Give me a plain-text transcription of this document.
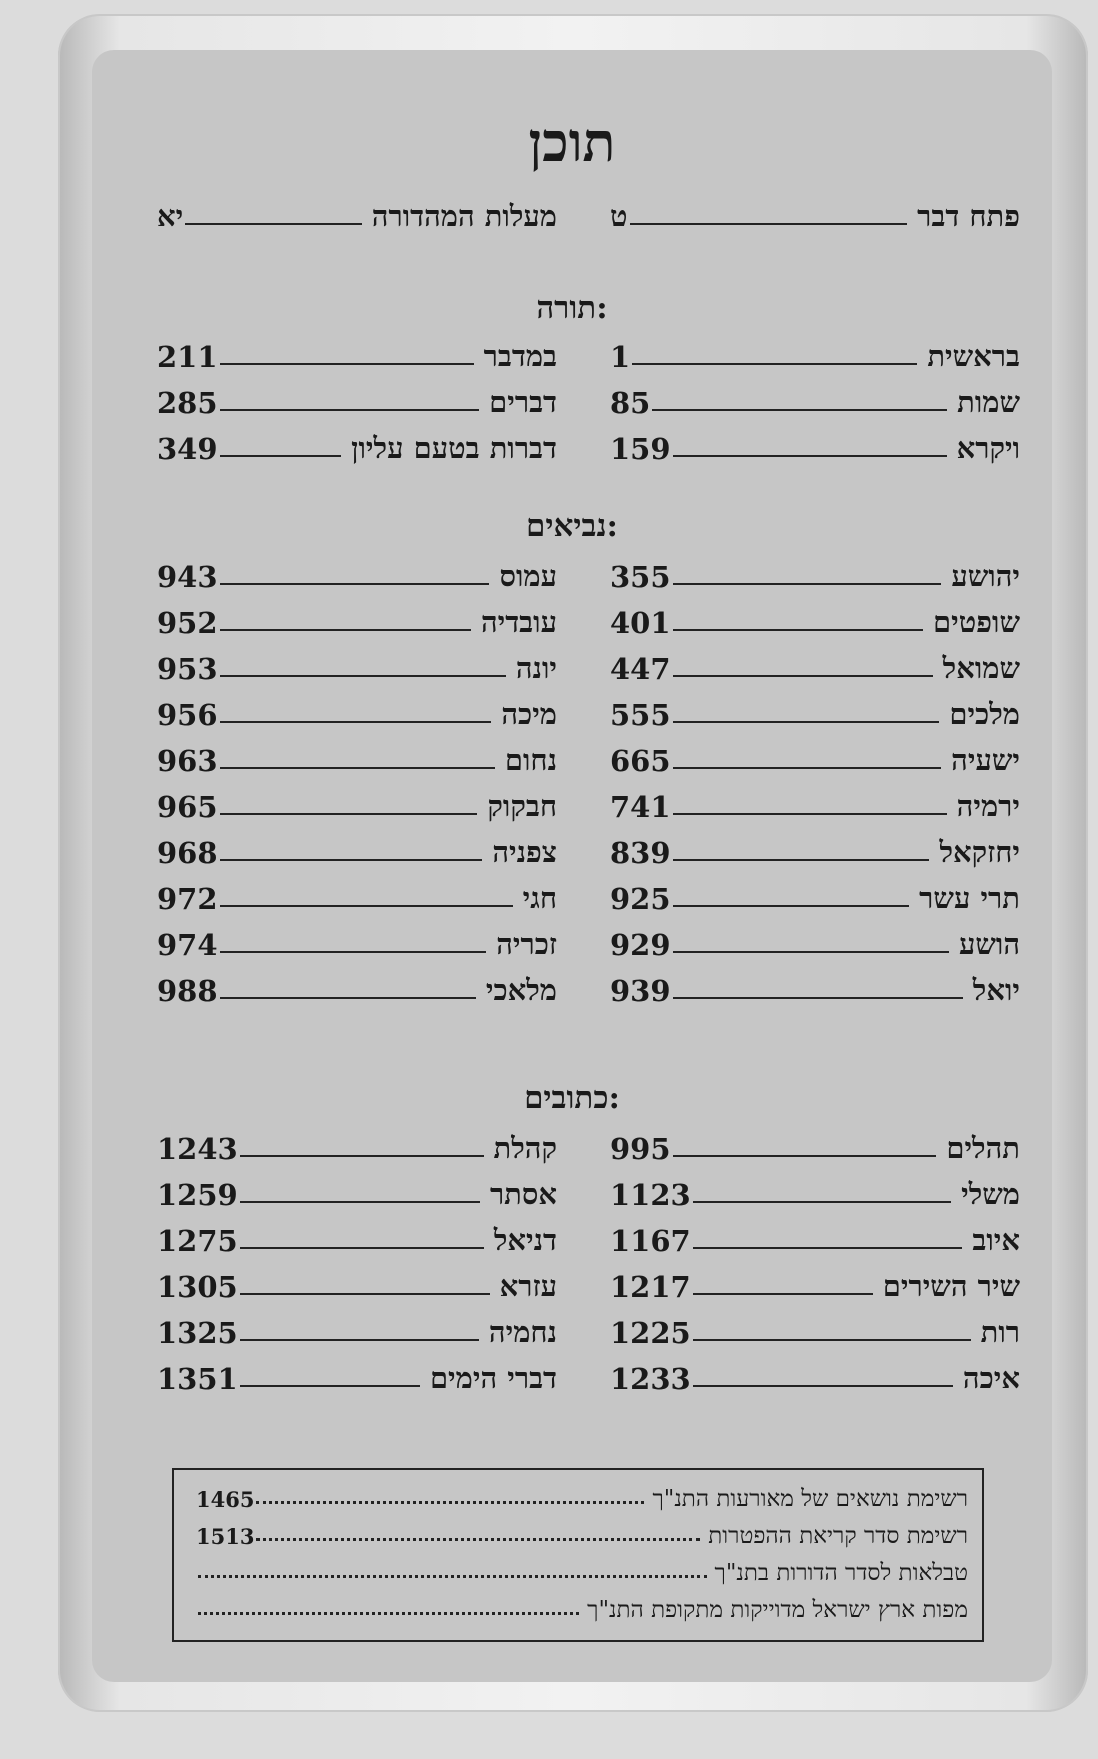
תוכן
פתח דבר
ט
מעלות המהדורה
יא
תורה:
בראשית
1
שמות
85
ויקרא
159
במדבר
211
דברים
285
דברות בטעם עליון
349
נביאים:
יהושע
355
שופטים
401
שמואל
447
מלכים
555
ישעיה
665
ירמיה
741
יחזקאל
839
תרי עשר
925
הושע
929
יואל
939
עמוס
943
עובדיה
952
יונה
953
מיכה
956
נחום
963
חבקוק
965
צפניה
968
חגי
972
זכריה
974
מלאכי
988
כתובים:
תהלים
995
משלי
1123
איוב
1167
שיר השירים
1217
רות
1225
איכה
1233
קהלת
1243
אסתר
1259
דניאל
1275
עזרא
1305
נחמיה
1325
דברי הימים
1351
רשימת נושאים של מאורעות התנ"ך
1465
רשימת סדר קריאת ההפטרות
1513
טבלאות לסדר הדורות בתנ"ך
מפות ארץ ישראל מדוייקות מתקופת התנ"ך
